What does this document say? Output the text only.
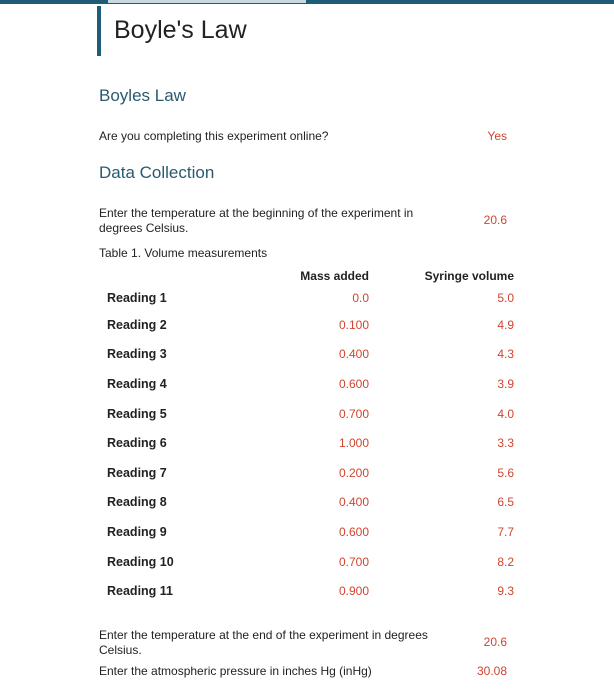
Boyle's Law
Boyles Law
Are you completing this experiment online?	Yes
Data Collection
Enter the temperature at the beginning of the experiment in degrees Celsius.
20.6
Table 1. Volume measurements
	Mass added	Syringe volume
Reading 1	0.0	5.0
Reading 2	0.100	4.9
Reading 3	0.400	4.3
Reading 4	0.600	3.9
Reading 5	0.700	4.0
Reading 6	1.000	3.3
Reading 7	0.200	5.6
Reading 8	0.400	6.5
Reading 9	0.600	7.7
Reading 10	0.700	8.2
Reading 11	0.900	9.3
Enter the temperature at the end of the experiment in degrees Celsius.
20.6
Enter the atmospheric pressure in inches Hg (inHg)	30.08
